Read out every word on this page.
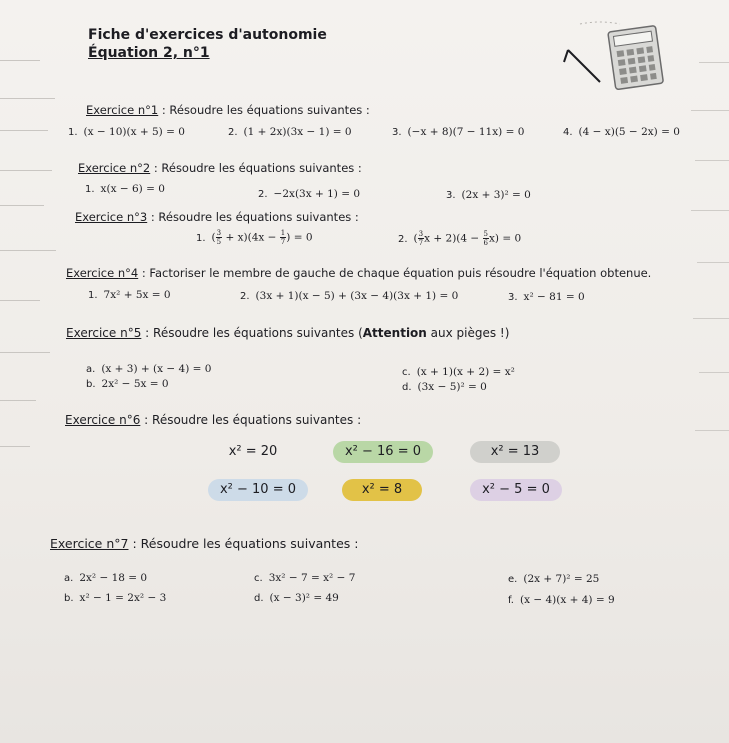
Fiche d'exercices d'autonomie
Équation 2, n°1
Exercice n°1 : Résoudre les équations suivantes :
1. (x − 10)(x + 5) = 0	2. (1 + 2x)(3x − 1) = 0	3. (−x + 8)(7 − 11x) = 0	4. (4 − x)(5 − 2x) = 0
Exercice n°2 : Résoudre les équations suivantes :
1. x(x − 6) = 0	2. −2x(3x + 1) = 0	3. (2x + 3)² = 0
Exercice n°3 : Résoudre les équations suivantes :
1. ( $\frac{3}{5} + x)(4x - \frac{1}{7}$ ) = 0	2. ( $\frac{3}{7}$ $x + 2)(4 - \frac{5}{6} x) = 0$
Exercice n°4 : Factoriser le membre de gauche de chaque équation puis résoudre l'équation obtenue.
1. 7x² + 5x = 0	2. (3x + 1)(x − 5) + (3x − 4)(3x + 1) = 0	3. x² − 81 = 0
Exercice n°5 : Résoudre les équations suivantes (Attention aux pièges !)
a. (x + 3) + (x − 4) = 0
b. 2x² − 5x = 0
c. (x + 1)(x + 2) = x²
d. (3x − 5)² = 0
Exercice n°6 : Résoudre les équations suivantes :
x² = 20	x² − 16 = 0	x² = 13
x² − 10 = 0	x² = 8	x² − 5 = 0
Exercice n°7 : Résoudre les équations suivantes :
a. 2x² − 18 = 0
b. x² − 1 = 2x² − 3
c. 3x² − 7 = x² − 7
d. (x − 3)² = 49
e. (2x + 7)² = 25
f. (x − 4)(x + 4) = 9
